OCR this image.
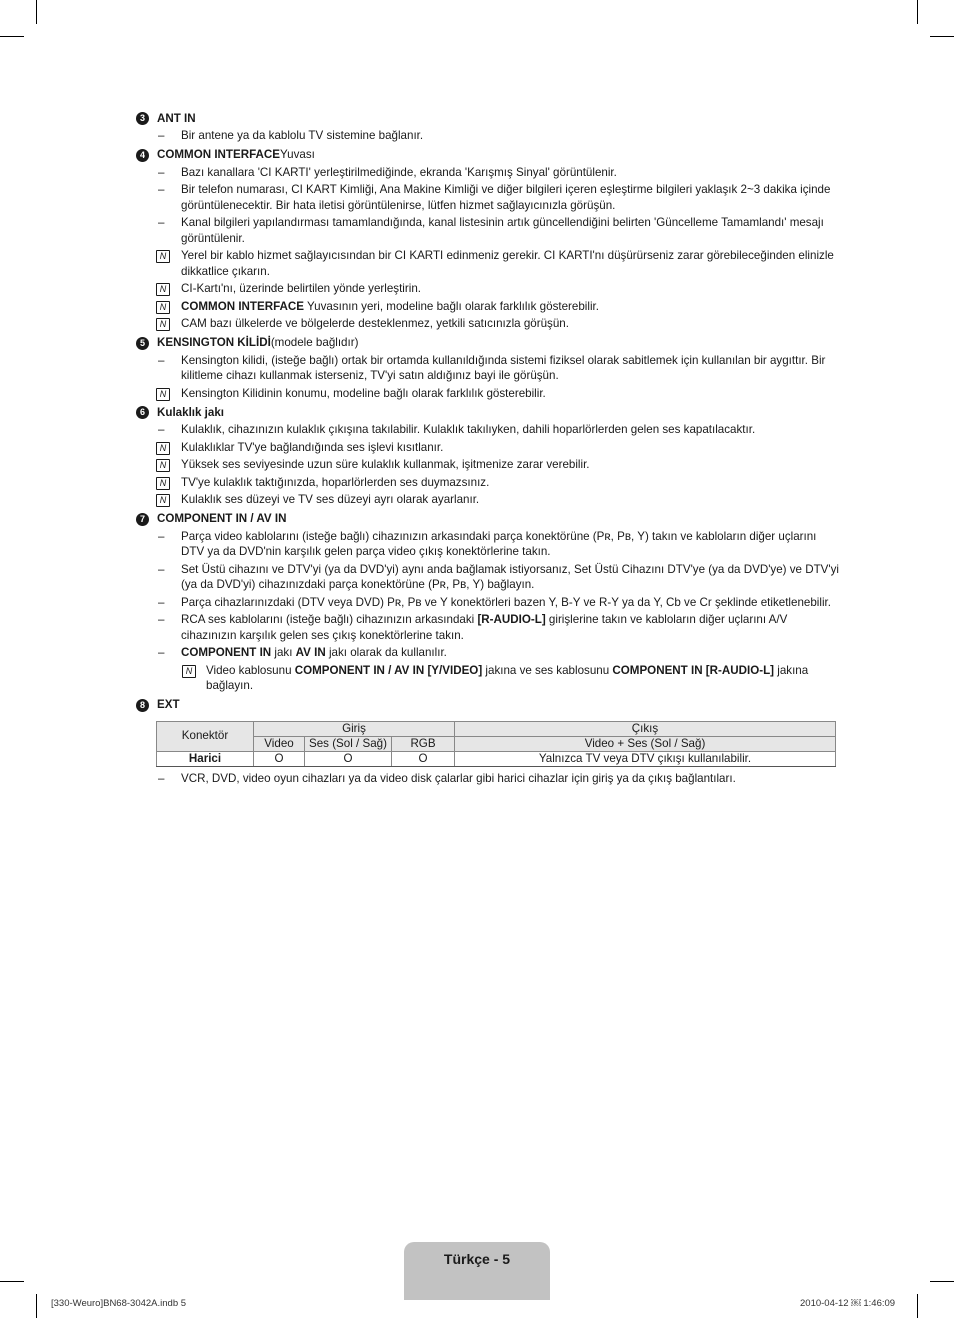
3	ANT IN
–	Bir antene ya da kablolu TV sistemine bağlanır.
4	COMMON INTERFACE Yuvası
–	Bazı kanallara 'CI KARTI' yerleştirilmediğinde, ekranda 'Karışmış Sinyal' görüntülenir.
–	Bir telefon numarası, CI KART Kimliği, Ana Makine Kimliği ve diğer bilgileri içeren eşleştirme bilgileri yaklaşık 2~3 dakika içinde görüntülenecektir. Bir hata iletisi görüntülenirse, lütfen hizmet sağlayıcınızla görüşün.
–	Kanal bilgileri yapılandırması tamamlandığında, kanal listesinin artık güncellendiğini belirten 'Güncelleme Tamamlandı' mesajı görüntülenir.
N	Yerel bir kablo hizmet sağlayıcısından bir CI KARTI edinmeniz gerekir. CI KARTI'nı düşürürseniz zarar görebileceğinden elinizle dikkatlice çıkarın.
N	CI-Kartı'nı, üzerinde belirtilen yönde yerleştirin.
N	COMMON INTERFACE Yuvasının yeri, modeline bağlı olarak farklılık gösterebilir.
N	CAM bazı ülkelerde ve bölgelerde desteklenmez, yetkili satıcınızla görüşün.
5	KENSINGTON KİLİDİ (modele bağlıdır)
–	Kensington kilidi, (isteğe bağlı) ortak bir ortamda kullanıldığında sistemi fiziksel olarak sabitlemek için kullanılan bir aygıttır. Bir kilitleme cihazı kullanmak isterseniz, TV'yi satın aldığınız bayi ile görüşün.
N	Kensington Kilidinin konumu, modeline bağlı olarak farklılık gösterebilir.
6	Kulaklık jakı
–	Kulaklık, cihazınızın kulaklık çıkışına takılabilir. Kulaklık takılıyken, dahili hoparlörlerden gelen ses kapatılacaktır.
N	Kulaklıklar TV'ye bağlandığında ses işlevi kısıtlanır.
N	Yüksek ses seviyesinde uzun süre kulaklık kullanmak, işitmenize zarar verebilir.
N	TV'ye kulaklık taktığınızda, hoparlörlerden ses duymazsınız.
N	Kulaklık ses düzeyi ve TV ses düzeyi ayrı olarak ayarlanır.
7	COMPONENT IN / AV IN
–	Parça video kablolarını (isteğe bağlı) cihazınızın arkasındaki parça konektörüne (Pʀ, Pʙ, Y) takın ve kabloların diğer uçlarını DTV ya da DVD'nin karşılık gelen parça video çıkış konektörlerine takın.
–	Set Üstü cihazını ve DTV'yi (ya da DVD'yi) aynı anda bağlamak istiyorsanız, Set Üstü Cihazını DTV'ye (ya da DVD'ye) ve DTV'yi (ya da DVD'yi) cihazınızdaki parça konektörüne (Pʀ, Pʙ, Y) bağlayın.
–	Parça cihazlarınızdaki (DTV veya DVD) Pʀ, Pʙ ve Y konektörleri bazen Y, B-Y ve R-Y ya da Y, Cb ve Cr şeklinde etiketlenebilir.
–	RCA ses kablolarını (isteğe bağlı) cihazınızın arkasındaki [R-AUDIO-L] girişlerine takın ve kabloların diğer uçlarını A/V cihazınızın karşılık gelen ses çıkış konektörlerine takın.
–	COMPONENT IN jakı AV IN jakı olarak da kullanılır.
N	Video kablosunu COMPONENT IN / AV IN [Y/VIDEO] jakına ve ses kablosunu COMPONENT IN [R-AUDIO-L] jakına bağlayın.
8	EXT
Konektör	Giriş			Çıkış
	Video	Ses (Sol / Sağ)	RGB	Video + Ses (Sol / Sağ)
Harici	O	O	O	Yalnızca TV veya DTV çıkışı kullanılabilir.
–	VCR, DVD, video oyun cihazları ya da video disk çalarlar gibi harici cihazlar için giriş ya da çıkış bağlantıları.
Türkçe - 5
[330-Weuro]BN68-3042A.indb 5	2010-04-12 ￼ 1:46:09
